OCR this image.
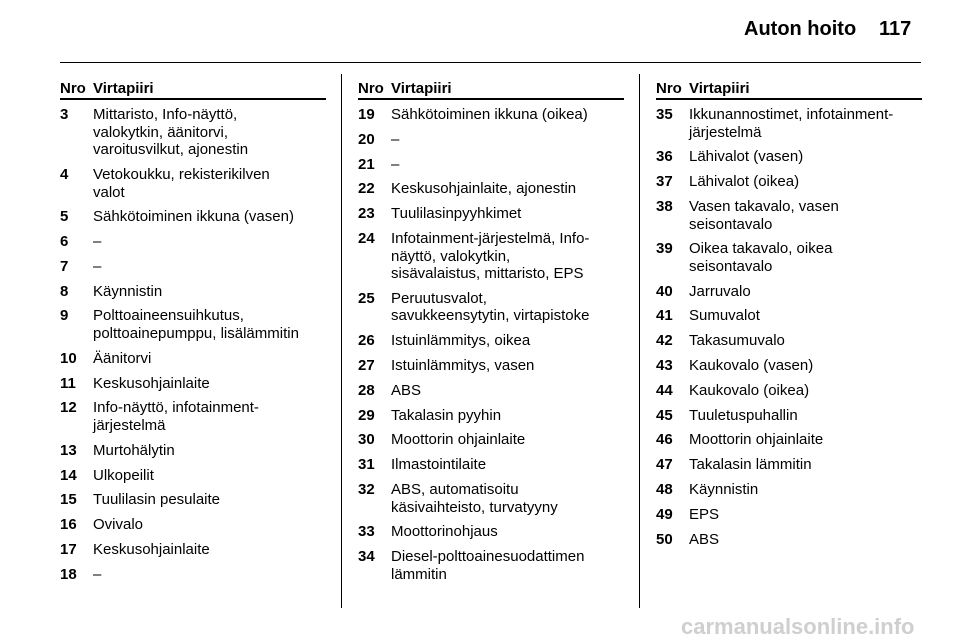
Auton hoito 117
Nro Virtapiiri
3	Mittaristo, Info-näyttö,
valokytkin, äänitorvi,
varoitusvilkut, ajonestin
4	Vetokoukku, rekisterikilven
valot
5	Sähkötoiminen ikkuna (vasen)
6	–
7	–
8	Käynnistin
9	Polttoaineensuihkutus,
polttoainepumppu, lisälämmitin
10	Äänitorvi
11	Keskusohjainlaite
12	Info-näyttö, infotainment-
järjestelmä
13	Murtohälytin
14	Ulkopeilit
15	Tuulilasin pesulaite
16	Ovivalo
17	Keskusohjainlaite
18	–
Nro Virtapiiri
19	Sähkötoiminen ikkuna (oikea)
20	–
21	–
22	Keskusohjainlaite, ajonestin
23	Tuulilasinpyyhkimet
24	Infotainment-järjestelmä, Info-
näyttö, valokytkin,
sisävalaistus, mittaristo, EPS
25	Peruutusvalot,
savukkeensytytin, virtapistoke
26	Istuinlämmitys, oikea
27	Istuinlämmitys, vasen
28	ABS
29	Takalasin pyyhin
30	Moottorin ohjainlaite
31	Ilmastointilaite
32	ABS, automatisoitu
käsivaihteisto, turvatyyny
33	Moottorinohjaus
34	Diesel-polttoainesuodattimen
lämmitin
Nro Virtapiiri
35	Ikkunannostimet, infotainment-
järjestelmä
36	Lähivalot (vasen)
37	Lähivalot (oikea)
38	Vasen takavalo, vasen
seisontavalo
39	Oikea takavalo, oikea
seisontavalo
40	Jarruvalo
41	Sumuvalot
42	Takasumuvalo
43	Kaukovalo (vasen)
44	Kaukovalo (oikea)
45	Tuuletuspuhallin
46	Moottorin ohjainlaite
47	Takalasin lämmitin
48	Käynnistin
49	EPS
50	ABS
carmanualsonline.info
